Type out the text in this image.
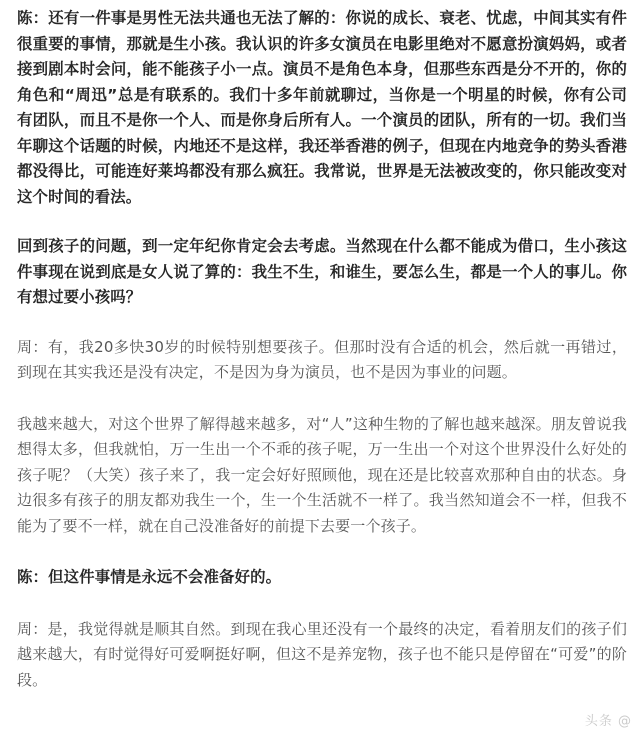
陈：还有一件事是男性无法共通也无法了解的：你说的成长、衰老、忧虑，中间其实有件很重要的事情，那就是生小孩。我认识的许多女演员在电影里绝对不愿意扮演妈妈，或者接到剧本时会问，能不能孩子小一点。演员不是角色本身，但那些东西是分不开的，你的角色和“周迅”总是有联系的。我们十多年前就聊过，当你是一个明星的时候，你有公司有团队，而且不是你一个人、而是你身后所有人。一个演员的团队，所有的一切。我们当年聊这个话题的时候，内地还不是这样，我还举香港的例子，但现在内地竞争的势头香港都没得比，可能连好莱坞都没有那么疯狂。我常说，世界是无法被改变的，你只能改变对这个时间的看法。

回到孩子的问题，到一定年纪你肯定会去考虑。当然现在什么都不能成为借口，生小孩这件事现在说到底是女人说了算的：我生不生，和谁生，要怎么生，都是一个人的事儿。你有想过要小孩吗？

周：有，我20多快30岁的时候特别想要孩子。但那时没有合适的机会，然后就一再错过，到现在其实我还是没有决定，不是因为身为演员，也不是因为事业的问题。

我越来越大，对这个世界了解得越来越多，对“人”这种生物的了解也越来越深。朋友曾说我想得太多，但我就怕，万一生出一个不乖的孩子呢，万一生出一个对这个世界没什么好处的孩子呢？（大笑）孩子来了，我一定会好好照顾他，现在还是比较喜欢那种自由的状态。身边很多有孩子的朋友都劝我生一个，生一个生活就不一样了。我当然知道会不一样，但我不能为了要不一样，就在自己没准备好的前提下去要一个孩子。

陈：但这件事情是永远不会准备好的。

周：是，我觉得就是顺其自然。到现在我心里还没有一个最终的决定，看着朋友们的孩子们越来越大，有时觉得好可爱啊挺好啊，但这不是养宠物，孩子也不能只是停留在“可爱”的阶段。

头条 @
